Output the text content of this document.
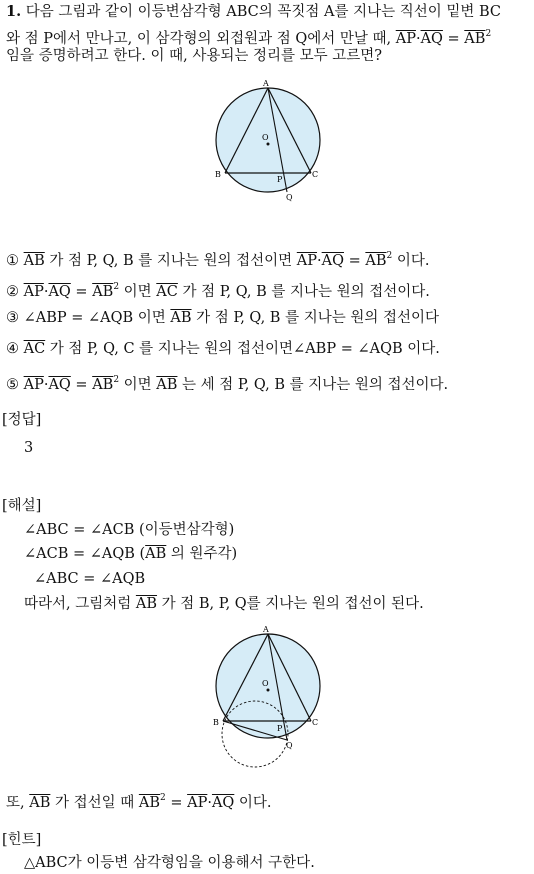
1. 다음 그림과 같이 이등변삼각형 ABC의 꼭짓점 A를 지나는 직선이 밑변 BC
와 점 P에서 만나고, 이 삼각형의 외접원과 점 Q에서 만날 때, $\overline{AP}\cdot\overline{AQ} = \overline{AB}^2$
임을 증명하려고 한다. 이 때, 사용되는 정리를 모두 고르면?
A
O
B
P
C
Q
① $\overline{AB}$ 가 점 P, Q, B 를 지나는 원의 접선이면 $\overline{AP}\cdot\overline{AQ} = \overline{AB}^2$ 이다.
② $\overline{AP}\cdot\overline{AQ} = \overline{AB}^2$ 이면 $\overline{AC}$ 가 점 P, Q, B 를 지나는 원의 접선이다.
③ ∠ABP = ∠AQB 이면 $\overline{AB}$ 가 점 P, Q, B 를 지나는 원의 접선이다
④ $\overline{AC}$ 가 점 P, Q, C 를 지나는 원의 접선이면∠ABP = ∠AQB 이다.
⑤ $\overline{AP}\cdot\overline{AQ} = \overline{AB}^2$ 이면 $\overline{AB}$ 는 세 점 P, Q, B 를 지나는 원의 접선이다.
[정답]
3
[해설]
∠ABC = ∠ACB (이등변삼각형)
∠ACB = ∠AQB ($\overline{AB}$ 의 원주각)
∠ABC = ∠AQB
따라서, 그림처럼 $\overline{AB}$ 가 점 B, P, Q를 지나는 원의 접선이 된다.
A
O
B
P
C
Q
또, $\overline{AB}$ 가 접선일 때 $\overline{AB}^2 = \overline{AP}\cdot\overline{AQ}$ 이다.
[힌트]
△ABC가 이등변 삼각형임을 이용해서 구한다.
